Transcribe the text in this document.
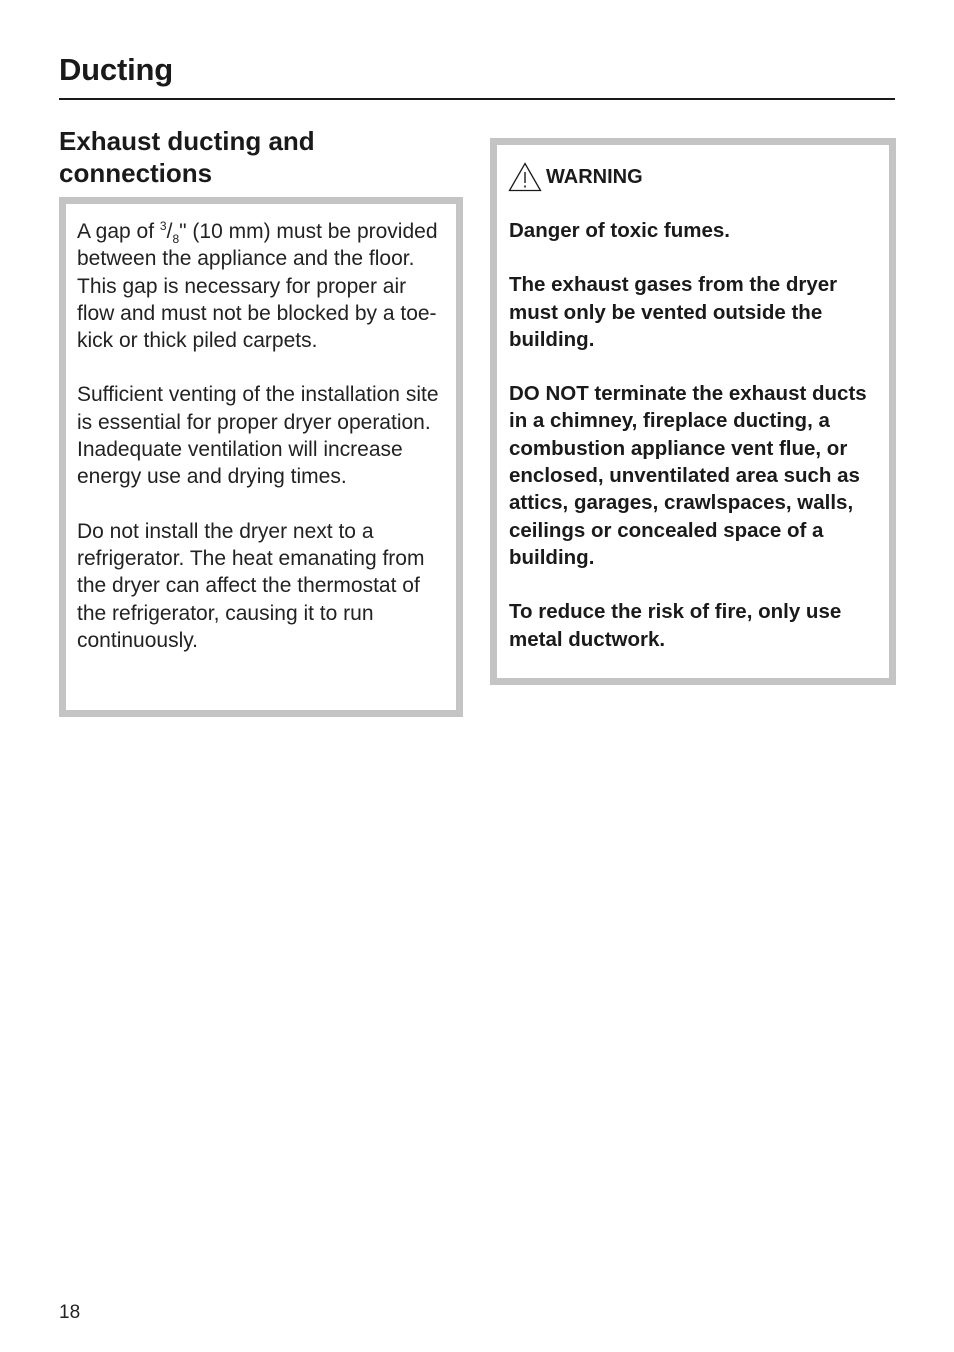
Ducting
Exhaust ducting and connections

A gap of $^3/_8$" (10 mm) must be provided between the appliance and the floor. This gap is necessary for proper air flow and must not be blocked by a toe-kick or thick piled carpets.

Sufficient venting of the installation site is essential for proper dryer operation. Inadequate ventilation will increase energy use and drying times.

Do not install the dryer next to a refrigerator. The heat emanating from the dryer can affect the thermostat of the refrigerator, causing it to run continuously.

WARNING

Danger of toxic fumes.

The exhaust gases from the dryer must only be vented outside the building.

DO NOT terminate the exhaust ducts in a chimney, fireplace ducting, a combustion appliance vent flue, or enclosed, unventilated area such as attics, garages, crawlspaces, walls, ceilings or concealed space of a building.

To reduce the risk of fire, only use metal ductwork.

18
